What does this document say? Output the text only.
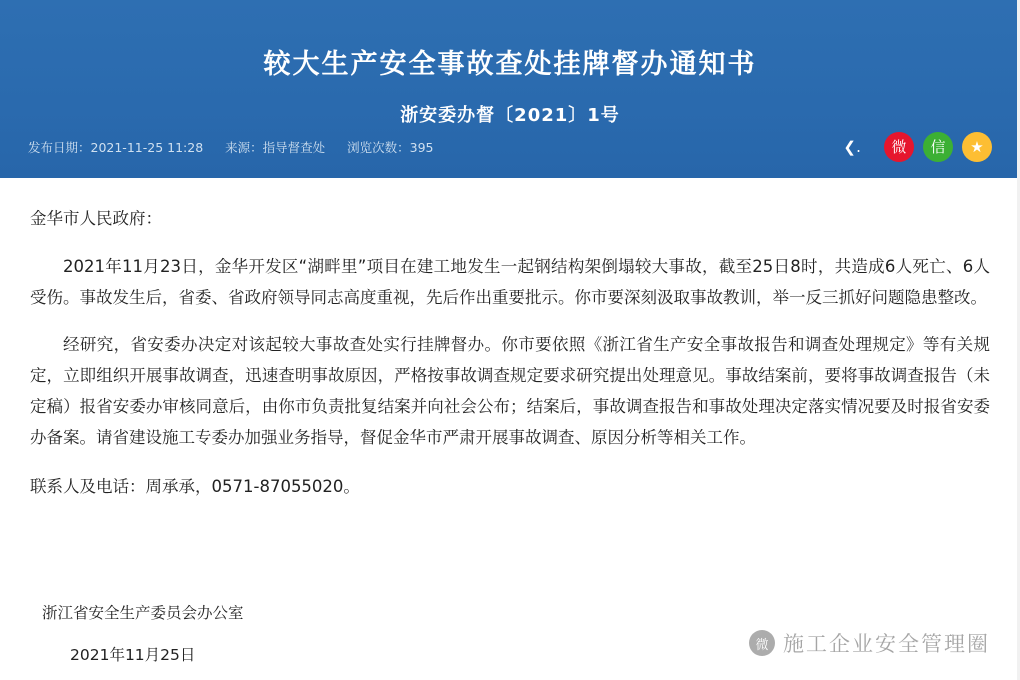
较大生产安全事故查处挂牌督办通知书
浙安委办督〔2021〕1号
发布日期：2021-11-25 11:28 来源：指导督查处 浏览次数：395	❮․	微	信	★
金华市人民政府：

2021年11月23日，金华开发区“湖畔里”项目在建工地发生一起钢结构架倒塌较大事故，截至25日8时，共造成6人死亡、6人受伤。事故发生后，省委、省政府领导同志高度重视，先后作出重要批示。你市要深刻汲取事故教训，举一反三抓好问题隐患整改。

经研究，省安委办决定对该起较大事故查处实行挂牌督办。你市要依照《浙江省生产安全事故报告和调查处理规定》等有关规定，立即组织开展事故调查，迅速查明事故原因，严格按事故调查规定要求研究提出处理意见。事故结案前，要将事故调查报告（未定稿）报省安委办审核同意后，由你市负责批复结案并向社会公布；结案后，事故调查报告和事故处理决定落实情况要及时报省安委办备案。请省建设施工专委办加强业务指导，督促金华市严肃开展事故调查、原因分析等相关工作。

联系人及电话：周承承，0571-87055020。
浙江省安全生产委员会办公室
2021年11月25日
微 施工企业安全管理圈
